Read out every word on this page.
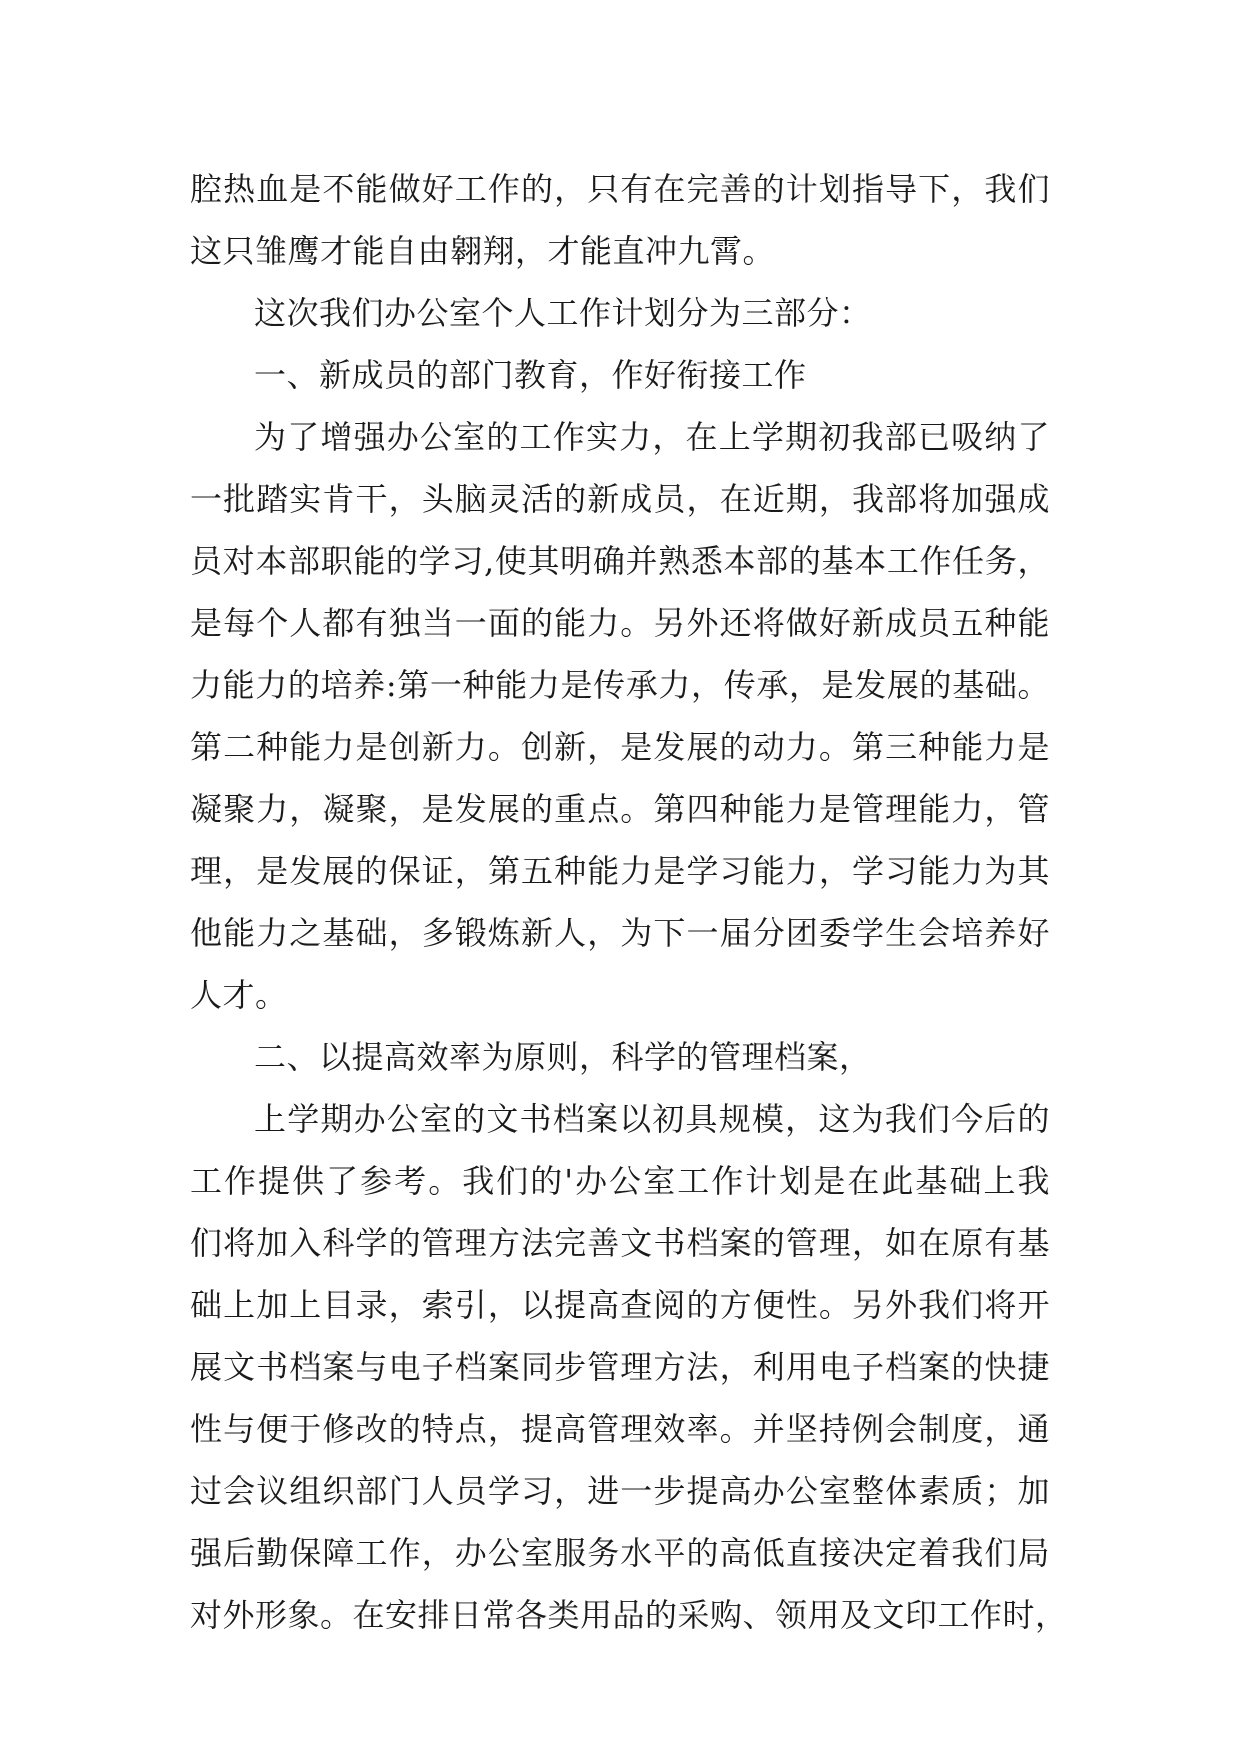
腔热血是不能做好工作的，只有在完善的计划指导下，我们
这只雏鹰才能自由翱翔，才能直冲九霄。
这次我们办公室个人工作计划分为三部分：
一、新成员的部门教育，作好衔接工作
为了增强办公室的工作实力，在上学期初我部已吸纳了
一批踏实肯干，头脑灵活的新成员，在近期，我部将加强成
员对本部职能的学习,使其明确并熟悉本部的基本工作任务，
是每个人都有独当一面的能力。另外还将做好新成员五种能
力能力的培养:第一种能力是传承力，传承，是发展的基础。
第二种能力是创新力。创新，是发展的动力。第三种能力是
凝聚力，凝聚，是发展的重点。第四种能力是管理能力，管
理，是发展的保证，第五种能力是学习能力，学习能力为其
他能力之基础，多锻炼新人，为下一届分团委学生会培养好
人才。
二、以提高效率为原则，科学的管理档案，
上学期办公室的文书档案以初具规模，这为我们今后的
工作提供了参考。我们的'办公室工作计划是在此基础上我
们将加入科学的管理方法完善文书档案的管理，如在原有基
础上加上目录，索引，以提高查阅的方便性。另外我们将开
展文书档案与电子档案同步管理方法，利用电子档案的快捷
性与便于修改的特点，提高管理效率。并坚持例会制度，通
过会议组织部门人员学习，进一步提高办公室整体素质；加
强后勤保障工作，办公室服务水平的高低直接决定着我们局
对外形象。在安排日常各类用品的采购、领用及文印工作时，
